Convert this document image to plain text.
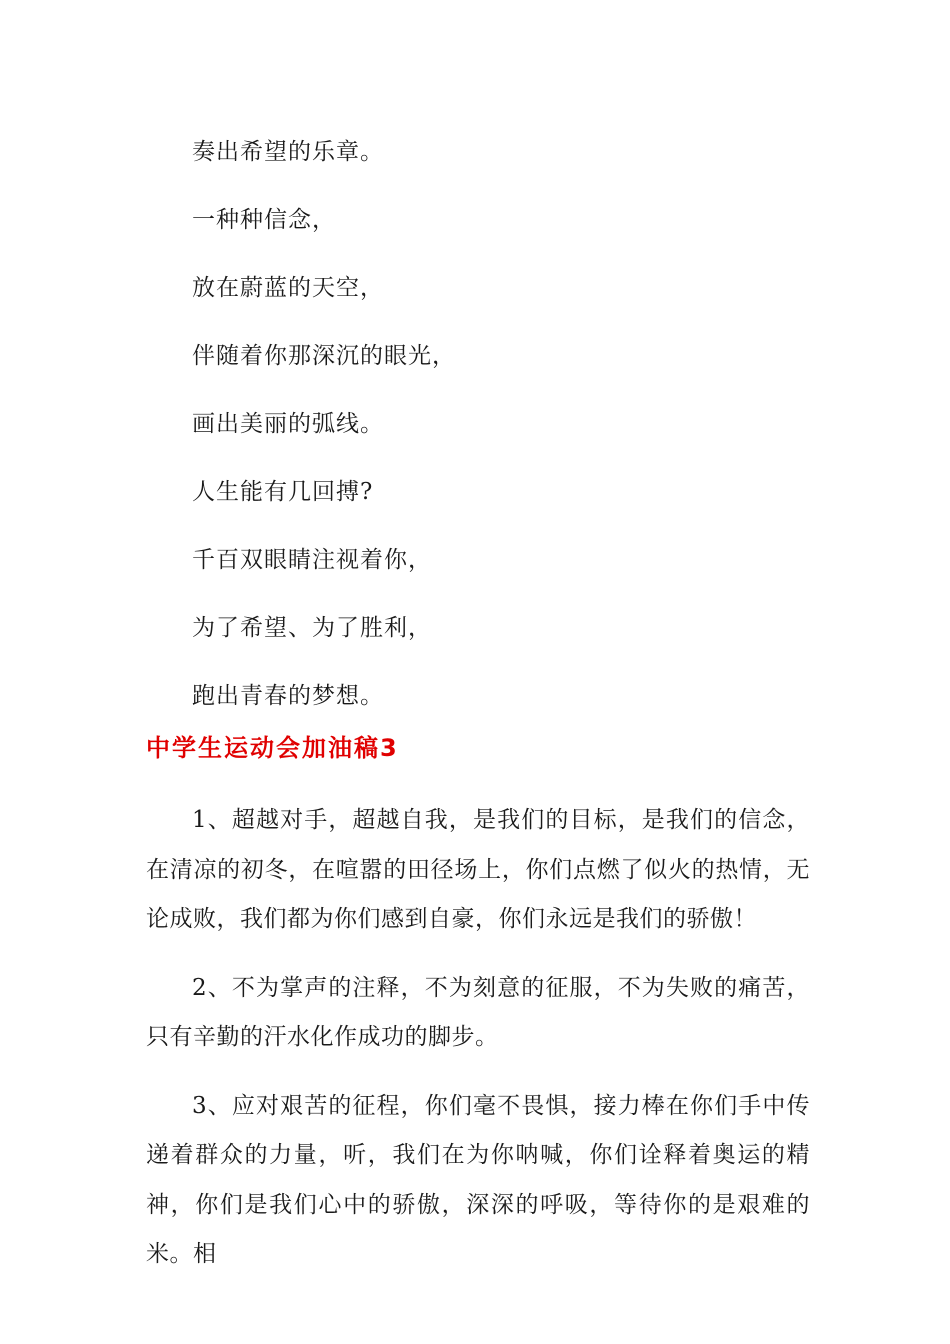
奏出希望的乐章。
一种种信念，
放在蔚蓝的天空，
伴随着你那深沉的眼光，
画出美丽的弧线。
人生能有几回搏?
千百双眼睛注视着你，
为了希望、为了胜利，
跑出青春的梦想。
中学生运动会加油稿3

1、超越对手，超越自我，是我们的目标，是我们的信念，在清凉的初冬，在喧嚣的田径场上，你们点燃了似火的热情，无论成败，我们都为你们感到自豪，你们永远是我们的骄傲！

2、不为掌声的注释，不为刻意的征服，不为失败的痛苦，只有辛勤的汗水化作成功的脚步。

3、应对艰苦的征程，你们毫不畏惧，接力棒在你们手中传递着群众的力量，听，我们在为你呐喊，你们诠释着奥运的精神，你们是我们心中的骄傲，深深的呼吸，等待你的是艰难的米。相
